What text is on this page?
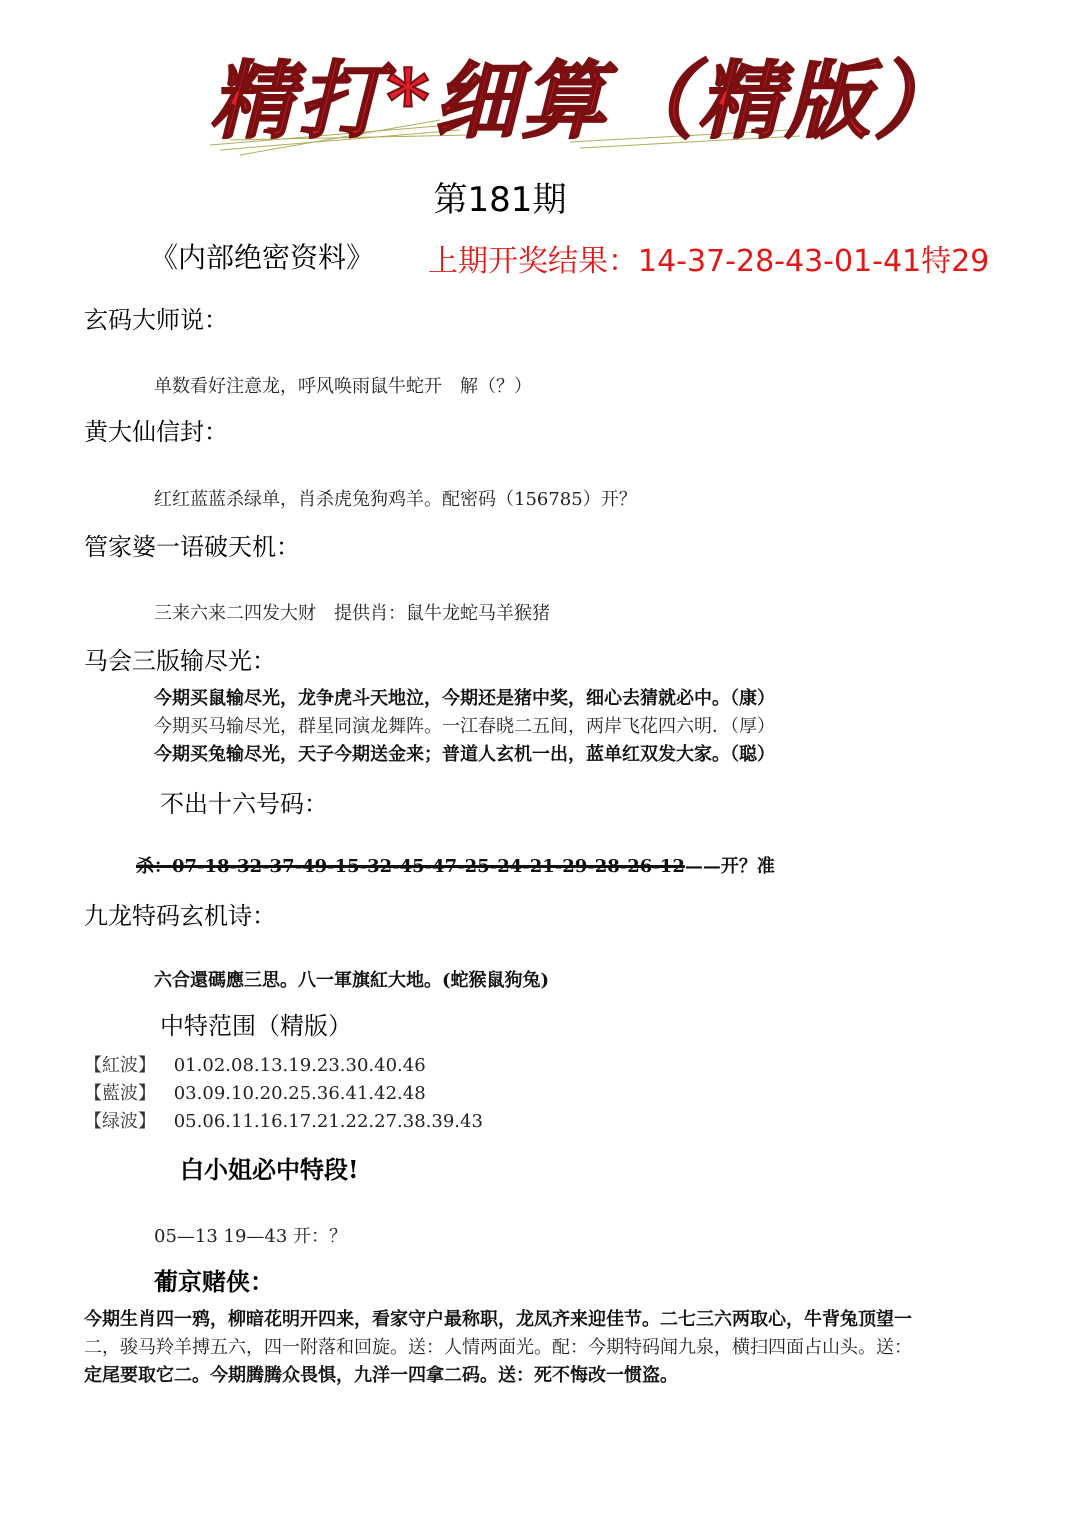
精打*细算（精版）
第181期
《内部绝密资料》 上期开奖结果：14-37-28-43-01-41特29
玄码大师说：
单数看好注意龙，呼风唤雨鼠牛蛇开　解（？）
黄大仙信封：
红红蓝蓝杀绿单，肖杀虎兔狗鸡羊。配密码（156785）开？
管家婆一语破天机：
三来六来二四发大财　提供肖：鼠牛龙蛇马羊猴猪
马会三版输尽光：
今期买鼠输尽光，龙争虎斗天地泣，今期还是猪中奖，细心去猜就必中。（康）
今期买马输尽光，群星同演龙舞阵。一江春晓二五间，两岸飞花四六明．（厚）
今期买兔输尽光，天子今期送金来；普道人玄机一出，蓝单红双发大家。（聪）
不出十六号码：
杀：07-18-32-37-49-15-32-45-47-25-24-21-29-28-26-12——开？准
九龙特码玄机诗：
六合還碼應三思。八一軍旗紅大地。(蛇猴鼠狗兔)
中特范围（精版）
【紅波】 01.02.08.13.19.23.30.40.46
【藍波】 03.09.10.20.25.36.41.42.48
【绿波】 05.06.11.16.17.21.22.27.38.39.43
白小姐必中特段!
05—13 19—43 开：？
葡京赌侠：
今期生肖四一鸦，柳暗花明开四来，看家守户最称职，龙凤齐来迎佳节。二七三六两取心，牛背兔顶望一
二，骏马羚羊搏五六，四一附落和回旋。送：人情两面光。配：今期特码闻九泉，横扫四面占山头。送：
定尾要取它二。今期腾腾众畏惧，九洋一四拿二码。送：死不悔改一惯盗。
